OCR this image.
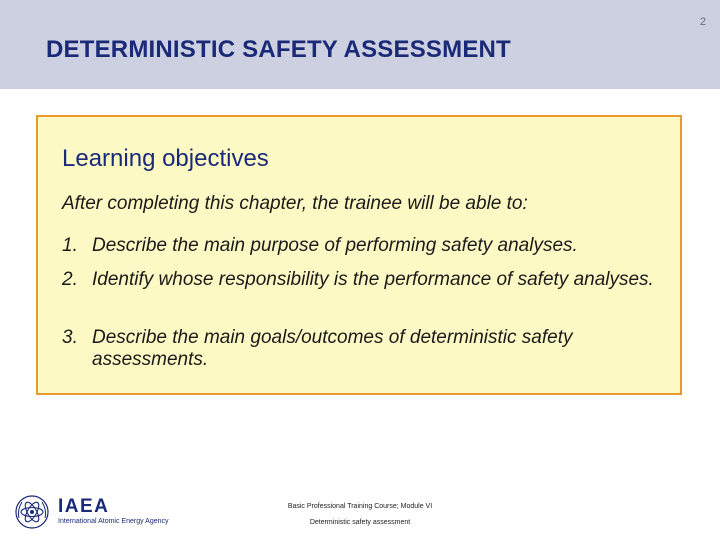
2
DETERMINISTIC SAFETY ASSESSMENT
Learning objectives
After completing this chapter, the trainee will be able to:
1. Describe the main purpose of performing safety analyses.
2. Identify whose responsibility is the performance of safety analyses.
3. Describe the main goals/outcomes of deterministic safety assessments.
IAEA
International Atomic Energy Agency
Basic Professional Training Course; Module VI
Deterministic safety assessment
